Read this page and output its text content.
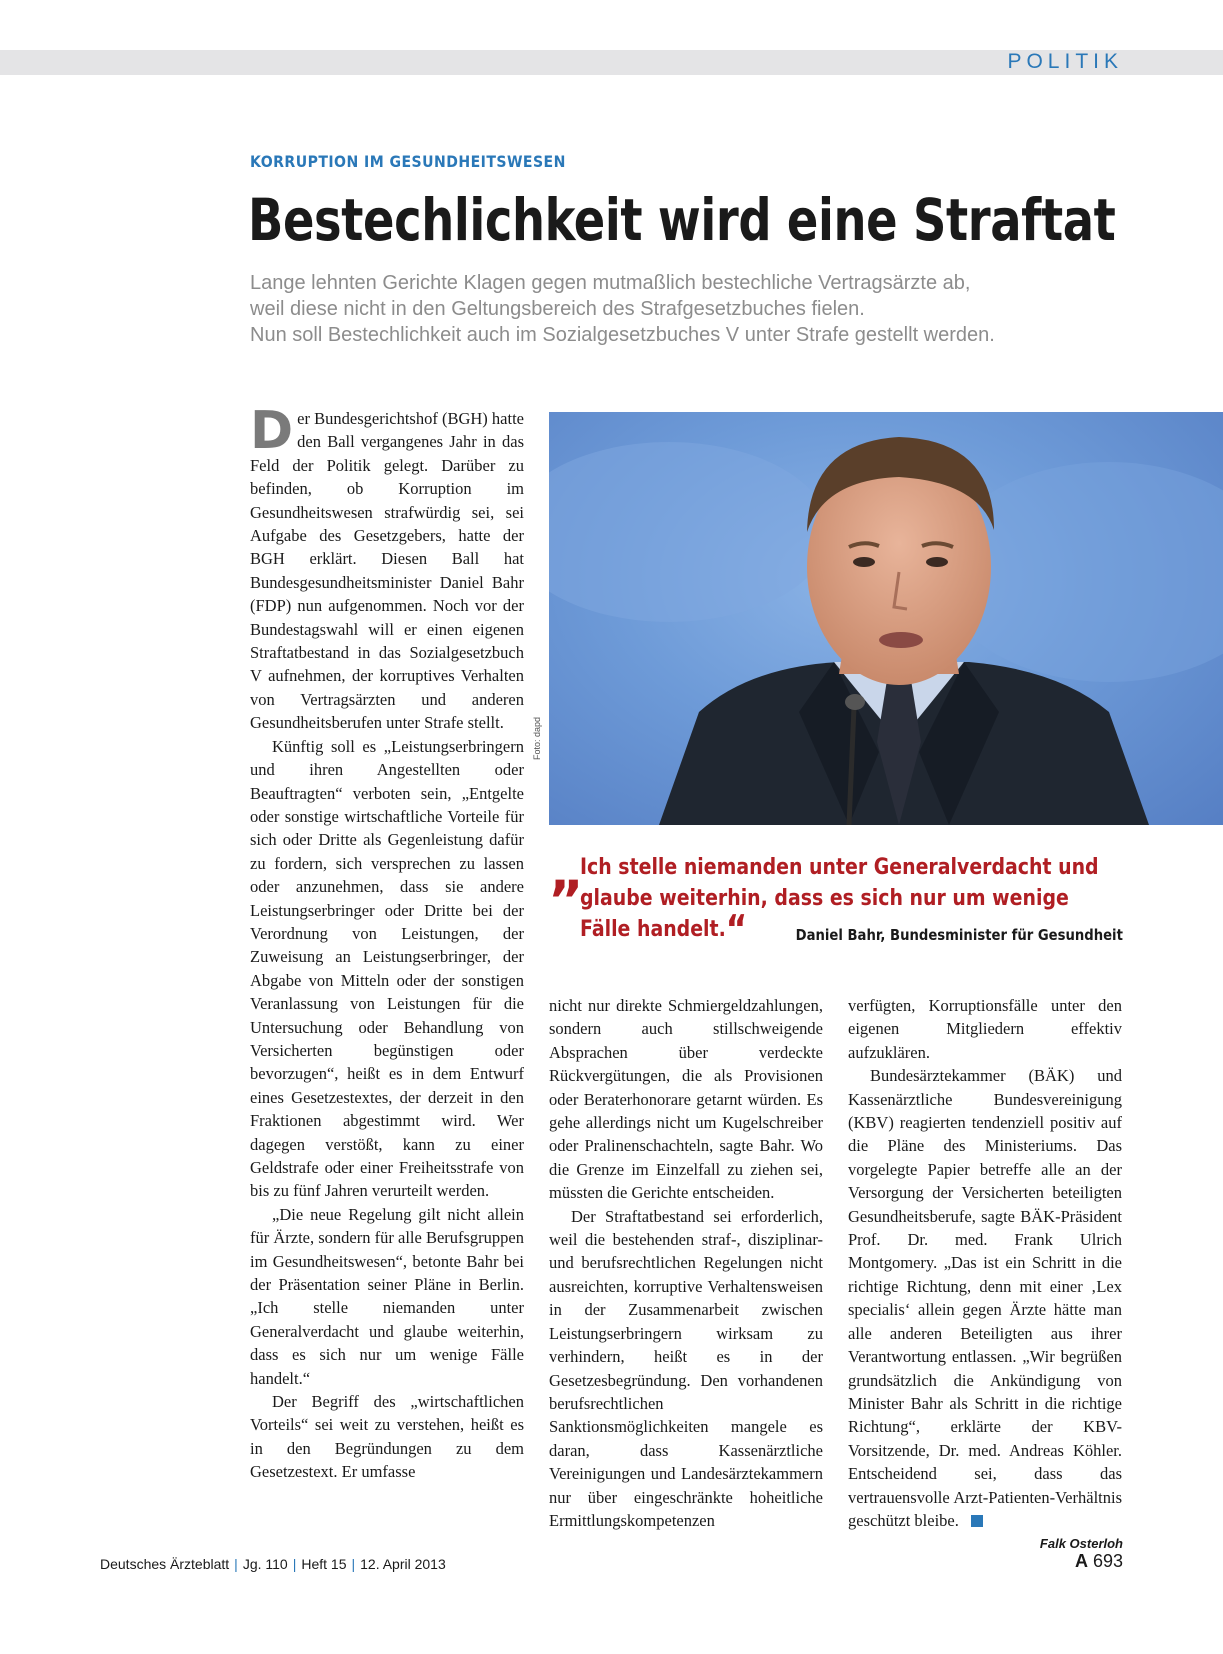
POLITIK
KORRUPTION IM GESUNDHEITSWESEN
Bestechlichkeit wird eine Straftat
Lange lehnten Gerichte Klagen gegen mutmaßlich bestechliche Vertragsärzte ab,
weil diese nicht in den Geltungsbereich des Strafgesetzbuches fielen.
Nun soll Bestechlichkeit auch im Sozialgesetzbuches V unter Strafe gestellt werden.

Der Bundesgerichtshof (BGH) hatte den Ball vergangenes Jahr in das Feld der Politik gelegt. Darüber zu befinden, ob Korruption im Gesundheitswesen strafwürdig sei, sei Aufgabe des Gesetzgebers, hatte der BGH erklärt. Diesen Ball hat Bundesgesundheitsminister Daniel Bahr (FDP) nun aufgenommen. Noch vor der Bundestagswahl will er einen eigenen Straftatbestand in das Sozialgesetzbuch V aufnehmen, der korruptives Verhalten von Vertragsärzten und anderen Gesundheitsberufen unter Strafe stellt.

Künftig soll es „Leistungserbringern und ihren Angestellten oder Beauftragten“ verboten sein, „Entgelte oder sonstige wirtschaftliche Vorteile für sich oder Dritte als Gegenleistung dafür zu fordern, sich versprechen zu lassen oder anzunehmen, dass sie andere Leistungserbringer oder Dritte bei der Verordnung von Leistungen, der Zuweisung an Leistungserbringer, der Abgabe von Mitteln oder der sonstigen Veranlassung von Leistungen für die Untersuchung oder Behandlung von Versicherten begünstigen oder bevorzugen“, heißt es in dem Entwurf eines Gesetzestextes, der derzeit in den Fraktionen abgestimmt wird. Wer dagegen verstößt, kann zu einer Geldstrafe oder einer Freiheitsstrafe von bis zu fünf Jahren verurteilt werden.

„Die neue Regelung gilt nicht allein für Ärzte, sondern für alle Berufsgruppen im Gesundheitswesen“, betonte Bahr bei der Präsentation seiner Pläne in Berlin. „Ich stelle niemanden unter Generalverdacht und glaube weiterhin, dass es sich nur um wenige Fälle handelt.“

Der Begriff des „wirtschaftlichen Vorteils“ sei weit zu verstehen, heißt es in den Begründungen zu dem Gesetzestext. Er umfasse

Foto: dapd
„
Ich stelle niemanden unter Generalverdacht und
glaube weiterhin, dass es sich nur um wenige
Fälle handelt.“	Daniel Bahr, Bundesminister für Gesundheit

nicht nur direkte Schmiergeldzahlungen, sondern auch stillschweigende Absprachen über verdeckte Rückvergütungen, die als Provisionen oder Beraterhonorare getarnt würden. Es gehe allerdings nicht um Kugelschreiber oder Pralinenschachteln, sagte Bahr. Wo die Grenze im Einzelfall zu ziehen sei, müssten die Gerichte entscheiden.

Der Straftatbestand sei erforderlich, weil die bestehenden straf-, disziplinar- und berufsrechtlichen Regelungen nicht ausreichten, korruptive Verhaltensweisen in der Zusammenarbeit zwischen Leistungserbringern wirksam zu verhindern, heißt es in der Gesetzesbegründung. Den vorhandenen berufsrechtlichen Sanktionsmöglichkeiten mangele es daran, dass Kassenärztliche Vereinigungen und Landesärztekammern nur über eingeschränkte hoheitliche Ermittlungskompetenzen

verfügten, Korruptionsfälle unter den eigenen Mitgliedern effektiv aufzuklären.

Bundesärztekammer (BÄK) und Kassenärztliche Bundesvereinigung (KBV) reagierten tendenziell positiv auf die Pläne des Ministeriums. Das vorgelegte Papier betreffe alle an der Versorgung der Versicherten beteiligten Gesundheitsberufe, sagte BÄK-Präsident Prof. Dr. med. Frank Ulrich Montgomery. „Das ist ein Schritt in die richtige Richtung, denn mit einer ‚Lex specialis‘ allein gegen Ärzte hätte man alle anderen Beteiligten aus ihrer Verantwortung entlassen. „Wir begrüßen grundsätzlich die Ankündigung von Minister Bahr als Schritt in die richtige Richtung“, erklärte der KBV-Vorsitzende, Dr. med. Andreas Köhler. Entscheidend sei, dass das vertrauensvolle Arzt-Patienten-Verhältnis geschützt bleibe.

Falk Osterloh
Deutsches Ärzteblatt | Jg. 110 | Heft 15 | 12. April 2013	A 693
